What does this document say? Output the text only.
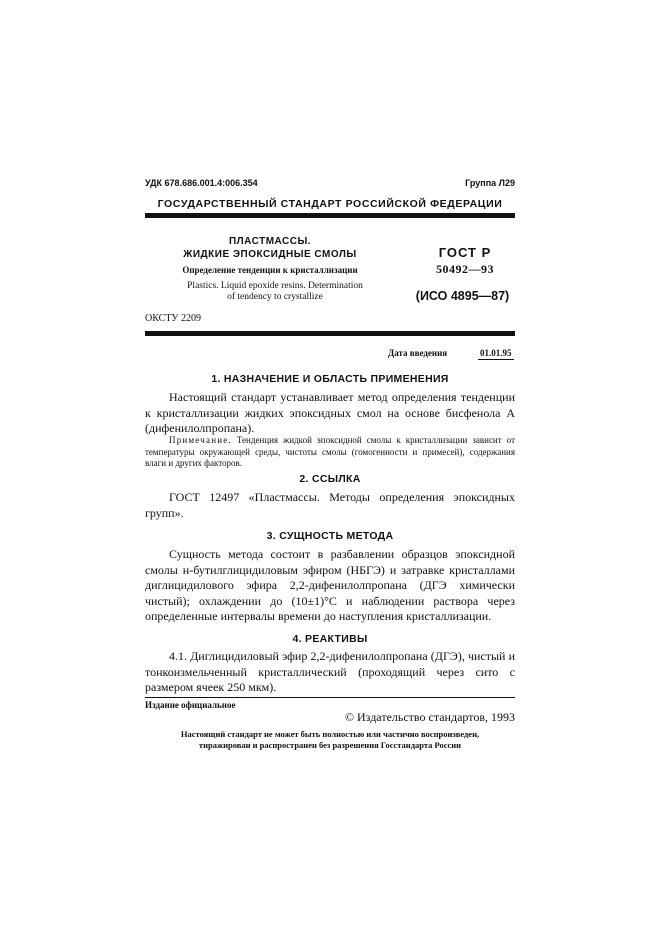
УДК 678.686.001.4:006.354	Группа Л29
ГОСУДАРСТВЕННЫЙ СТАНДАРТ РОССИЙСКОЙ ФЕДЕРАЦИИ
ПЛАСТМАССЫ.
ЖИДКИЕ ЭПОКСИДНЫЕ СМОЛЫ
Определение тенденции к кристаллизации
Plastics. Liquid epoxide resins. Determination
of tendency to crystallize
ГОСТ Р
50492—93
(ИСО 4895—87)
ОКСТУ 2209
Дата введения	01.01.95
1. НАЗНАЧЕНИЕ И ОБЛАСТЬ ПРИМЕНЕНИЯ
Настоящий стандарт устанавливает метод определения тенденции к кристаллизации жидких эпоксидных смол на основе бисфенола А (дифенилолпропана).
Примечание. Тенденция жидкой эпоксидной смолы к кристаллизации зависит от температуры окружающей среды, чистоты смолы (гомогенности и примесей), содержания влаги и других факторов.
2. ССЫЛКА
ГОСТ 12497 «Пластмассы. Методы определения эпоксидных групп».
3. СУЩНОСТЬ МЕТОДА
Сущность метода состоит в разбавлении образцов эпоксидной смолы н-бутилглицидиловым эфиром (НБГЭ) и затравке кристаллами диглицидилового эфира 2,2-дифенилолпропана (ДГЭ химически чистый); охлаждении до (10±1)°С и наблюдении раствора через определенные интервалы времени до наступления кристаллизации.
4. РЕАКТИВЫ
4.1. Диглицидиловый эфир 2,2-дифенилолпропана (ДГЭ), чистый и тонкоизмельченный кристаллический (проходящий через сито с размером ячеек 250 мкм).
Издание официальное
© Издательство стандартов, 1993
Настоящий стандарт не может быть полностью или частично воспроизведен,
тиражирован и распространен без разрешения Госстандарта России
